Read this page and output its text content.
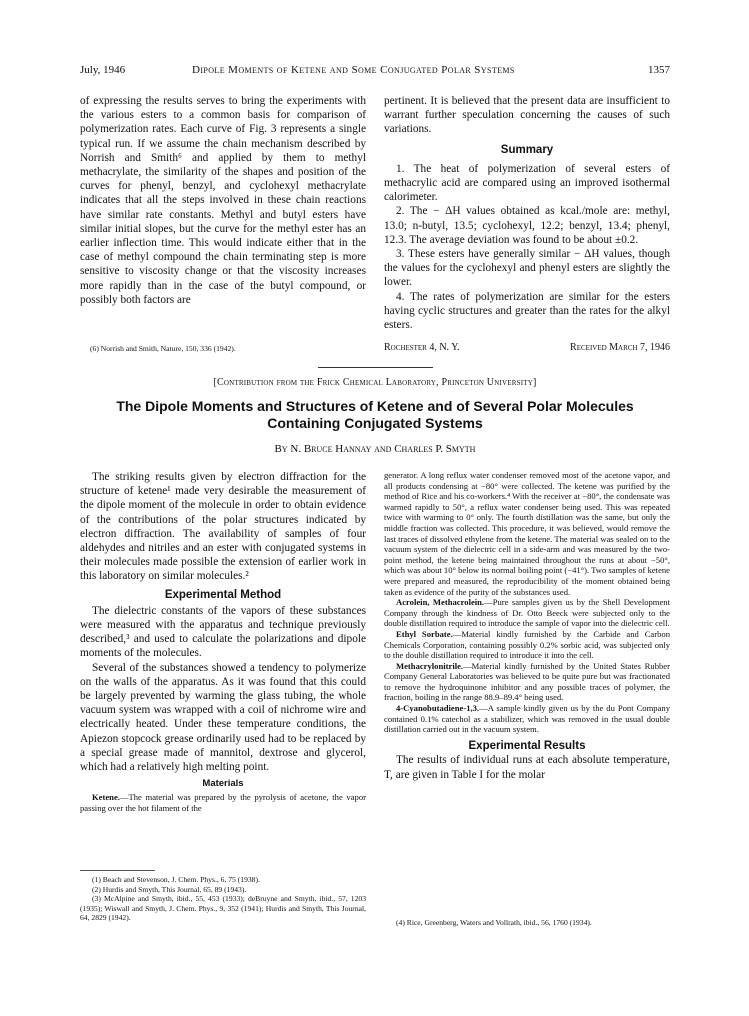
July, 1946	Dipole Moments of Ketene and Some Conjugated Polar Systems	1357

of expressing the results serves to bring the experiments with the various esters to a common basis for comparison of polymerization rates. Each curve of Fig. 3 represents a single typical run. If we assume the chain mechanism described by Norrish and Smith⁶ and applied by them to methyl methacrylate, the similarity of the shapes and position of the curves for phenyl, benzyl, and cyclohexyl methacrylate indicates that all the steps involved in these chain reactions have similar rate constants. Methyl and butyl esters have similar initial slopes, but the curve for the methyl ester has an earlier inflection time. This would indicate either that in the case of methyl compound the chain terminating step is more sensitive to viscosity change or that the viscosity increases more rapidly than in the case of the butyl compound, or possibly both factors are

(6) Norrish and Smith, Nature, 150, 336 (1942).

pertinent. It is believed that the present data are insufficient to warrant further speculation concerning the causes of such variations.

Summary

1. The heat of polymerization of several esters of methacrylic acid are compared using an improved isothermal calorimeter.

2. The − ΔH values obtained as kcal./mole are: methyl, 13.0; n-butyl, 13.5; cyclohexyl, 12.2; benzyl, 13.4; phenyl, 12.3. The average deviation was found to be about ±0.2.

3. These esters have generally similar − ΔH values, though the values for the cyclohexyl and phenyl esters are slightly the lower.

4. The rates of polymerization are similar for the esters having cyclic structures and greater than the rates for the alkyl esters.

Rochester 4, N. Y.	Received March 7, 1946
[Contribution from the Frick Chemical Laboratory, Princeton University]
The Dipole Moments and Structures of Ketene and of Several Polar Molecules
Containing Conjugated Systems
By N. Bruce Hannay and Charles P. Smyth

The striking results given by electron diffraction for the structure of ketene¹ made very desirable the measurement of the dipole moment of the molecule in order to obtain evidence of the contributions of the polar structures indicated by electron diffraction. The availability of samples of four aldehydes and nitriles and an ester with conjugated systems in their molecules made possible the extension of earlier work in this laboratory on similar molecules.²

Experimental Method

The dielectric constants of the vapors of these substances were measured with the apparatus and technique previously described,³ and used to calculate the polarizations and dipole moments of the molecules.

Several of the substances showed a tendency to polymerize on the walls of the apparatus. As it was found that this could be largely prevented by warming the glass tubing, the whole vacuum system was wrapped with a coil of nichrome wire and electrically heated. Under these temperature conditions, the Apiezon stopcock grease ordinarily used had to be replaced by a special grease made of mannitol, dextrose and glycerol, which had a relatively high melting point.

Materials

Ketene.—The material was prepared by the pyrolysis of acetone, the vapor passing over the hot filament of the

(1) Beach and Stevenson, J. Chem. Phys., 6, 75 (1938).

(2) Hurdis and Smyth, This Journal, 65, 89 (1943).

(3) McAlpine and Smyth, ibid., 55, 453 (1933); deBruyne and Smyth, ibid., 57, 1203 (1935); Wiswall and Smyth, J. Chem. Phys., 9, 352 (1941); Hurdis and Smyth, This Journal, 64, 2829 (1942).

generator. A long reflux water condenser removed most of the acetone vapor, and all products condensing at −80° were collected. The ketene was purified by the method of Rice and his co-workers.⁴ With the receiver at −80°, the condensate was warmed rapidly to 50°, a reflux water condenser being used. This was repeated twice with warming to 0° only. The fourth distillation was the same, but only the middle fraction was collected. This procedure, it was believed, would remove the last traces of dissolved ethylene from the ketene. The material was sealed on to the vacuum system of the dielectric cell in a side-arm and was measured by the two-point method, the ketene being maintained throughout the runs at about −50°, which was about 10° below its normal boiling point (−41°). Two samples of ketene were prepared and measured, the reproducibility of the moment obtained being taken as evidence of the purity of the substances used.

Acrolein, Methacrolein.—Pure samples given us by the Shell Development Company through the kindness of Dr. Otto Beeck were subjected only to the double distillation required to introduce the sample of vapor into the dielectric cell.

Ethyl Sorbate.—Material kindly furnished by the Carbide and Carbon Chemicals Corporation, containing possibly 0.2% sorbic acid, was subjected only to the double distillation required to introduce it into the cell.

Methacrylonitrile.—Material kindly furnished by the United States Rubber Company General Laboratories was believed to be quite pure but was fractionated to remove the hydroquinone inhibitor and any possible traces of polymer, the fraction, boiling in the range 88.9–89.4° being used.

4-Cyanobutadiene-1,3.—A sample kindly given us by the du Pont Company contained 0.1% catechol as a stabilizer, which was removed in the usual double distillation carried out in the vacuum system.

Experimental Results

The results of individual runs at each absolute temperature, T, are given in Table I for the molar

(4) Rice, Greenberg, Waters and Vollrath, ibid., 56, 1760 (1934).
